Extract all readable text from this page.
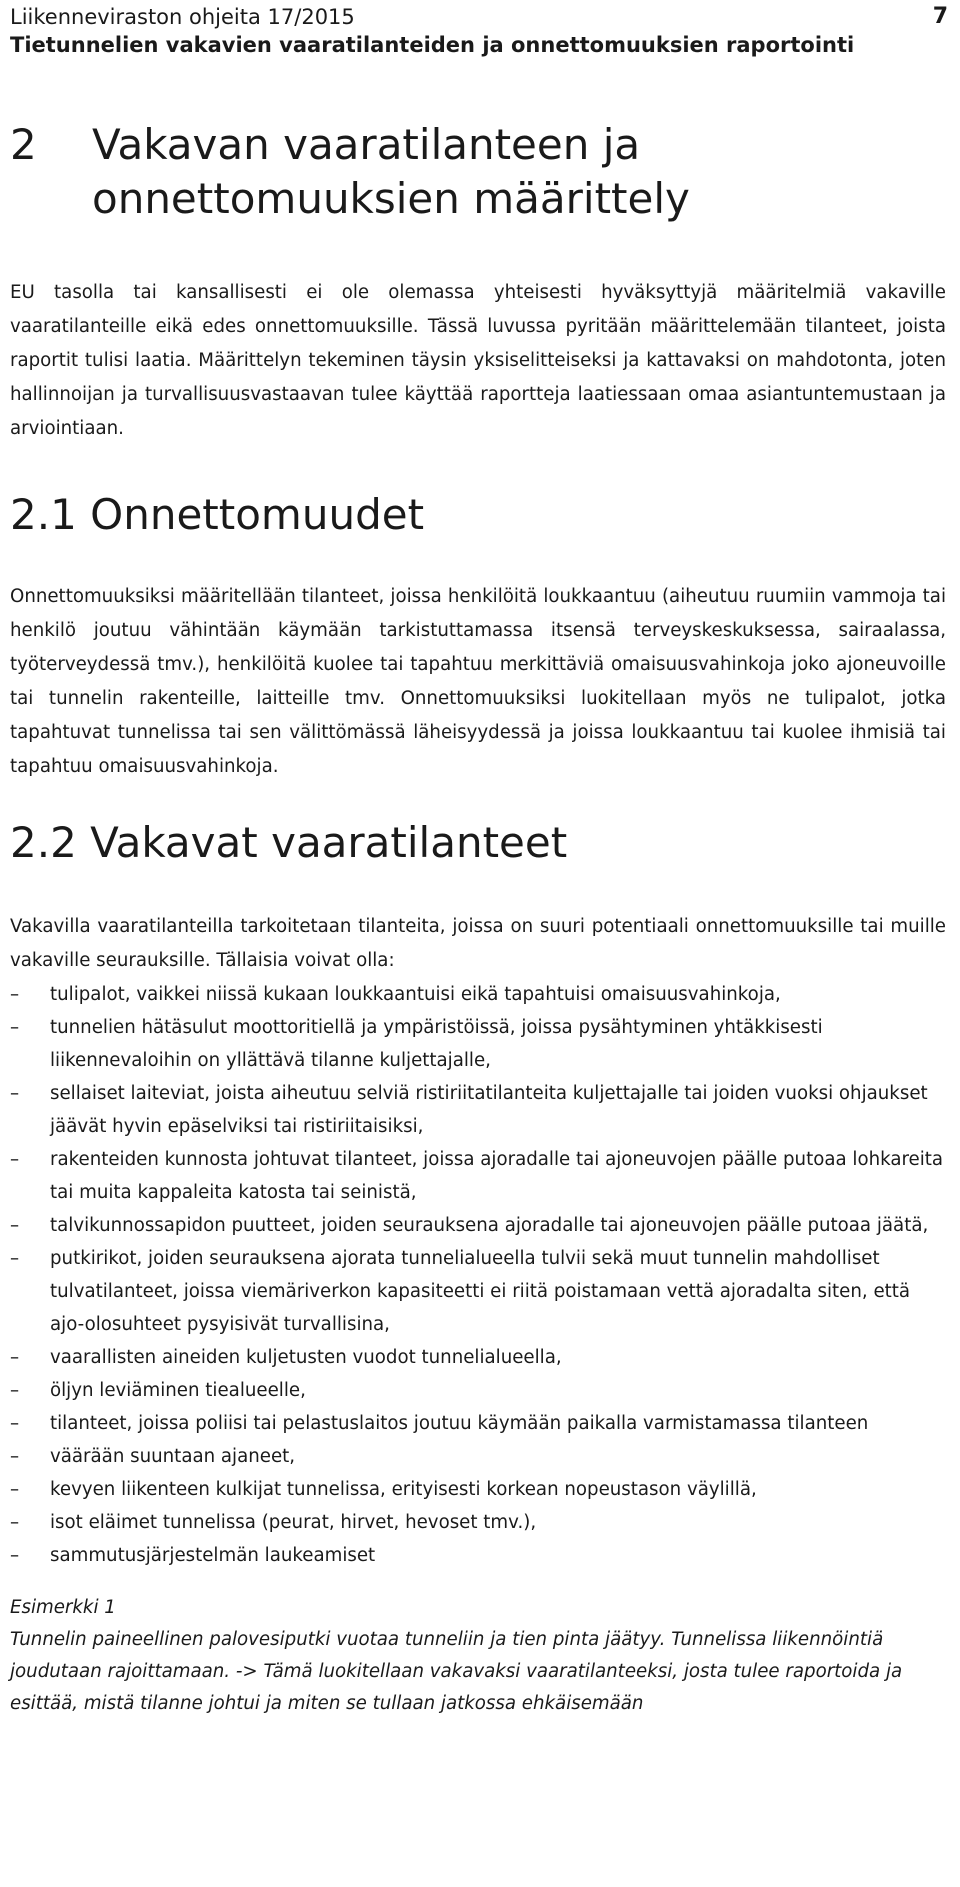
Liikenneviraston ohjeita 17/2015
Tietunnelien vakavien vaaratilanteiden ja onnettomuuksien raportointi
7
2 Vakavan vaaratilanteen ja onnettomuuksien määrittely

EU tasolla tai kansallisesti ei ole olemassa yhteisesti hyväksyttyjä määritelmiä vakaville vaaratilanteille eikä edes onnettomuuksille. Tässä luvussa pyritään määrittelemään tilanteet, joista raportit tulisi laatia. Määrittelyn tekeminen täysin yksiselitteiseksi ja kattavaksi on mahdotonta, joten hallinnoijan ja turvallisuusvastaavan tulee käyttää raportteja laatiessaan omaa asiantuntemustaan ja arviointiaan.

2.1 Onnettomuudet

Onnettomuuksiksi määritellään tilanteet, joissa henkilöitä loukkaantuu (aiheutuu ruumiin vammoja tai henkilö joutuu vähintään käymään tarkistuttamassa itsensä terveyskeskuksessa, sairaalassa, työterveydessä tmv.), henkilöitä kuolee tai tapahtuu merkittäviä omaisuusvahinkoja joko ajoneuvoille tai tunnelin rakenteille, laitteille tmv. Onnettomuuksiksi luokitellaan myös ne tulipalot, jotka tapahtuvat tunnelissa tai sen välittömässä läheisyydessä ja joissa loukkaantuu tai kuolee ihmisiä tai tapahtuu omaisuusvahinkoja.

2.2 Vakavat vaaratilanteet

Vakavilla vaaratilanteilla tarkoitetaan tilanteita, joissa on suuri potentiaali onnettomuuksille tai muille vakaville seurauksille. Tällaisia voivat olla:

– tulipalot, vaikkei niissä kukaan loukkaantuisi eikä tapahtuisi omaisuusvahinkoja,
– tunnelien hätäsulut moottoritiellä ja ympäristöissä, joissa pysähtyminen yhtäkkisesti liikennevaloihin on yllättävä tilanne kuljettajalle,
– sellaiset laiteviat, joista aiheutuu selviä ristiriitatilanteita kuljettajalle tai joiden vuoksi ohjaukset jäävät hyvin epäselviksi tai ristiriitaisiksi,
– rakenteiden kunnosta johtuvat tilanteet, joissa ajoradalle tai ajoneuvojen päälle putoaa lohkareita tai muita kappaleita katosta tai seinistä,
– talvikunnossapidon puutteet, joiden seurauksena ajoradalle tai ajoneuvojen päälle putoaa jäätä,
– putkirikot, joiden seurauksena ajorata tunnelialueella tulvii sekä muut tunnelin mahdolliset tulvatilanteet, joissa viemäriverkon kapasiteetti ei riitä poistamaan vettä ajoradalta siten, että ajo-olosuhteet pysyisivät turvallisina,
– vaarallisten aineiden kuljetusten vuodot tunnelialueella,
– öljyn leviäminen tiealueelle,
– tilanteet, joissa poliisi tai pelastuslaitos joutuu käymään paikalla varmistamassa tilanteen
– väärään suuntaan ajaneet,
– kevyen liikenteen kulkijat tunnelissa, erityisesti korkean nopeustason väylillä,
– isot eläimet tunnelissa (peurat, hirvet, hevoset tmv.),
– sammutusjärjestelmän laukeamiset
Esimerkki 1
Tunnelin paineellinen palovesiputki vuotaa tunneliin ja tien pinta jäätyy. Tunnelissa liikennöintiä joudutaan rajoittamaan. -> Tämä luokitellaan vakavaksi vaaratilanteeksi, josta tulee raportoida ja esittää, mistä tilanne johtui ja miten se tullaan jatkossa ehkäisemään
